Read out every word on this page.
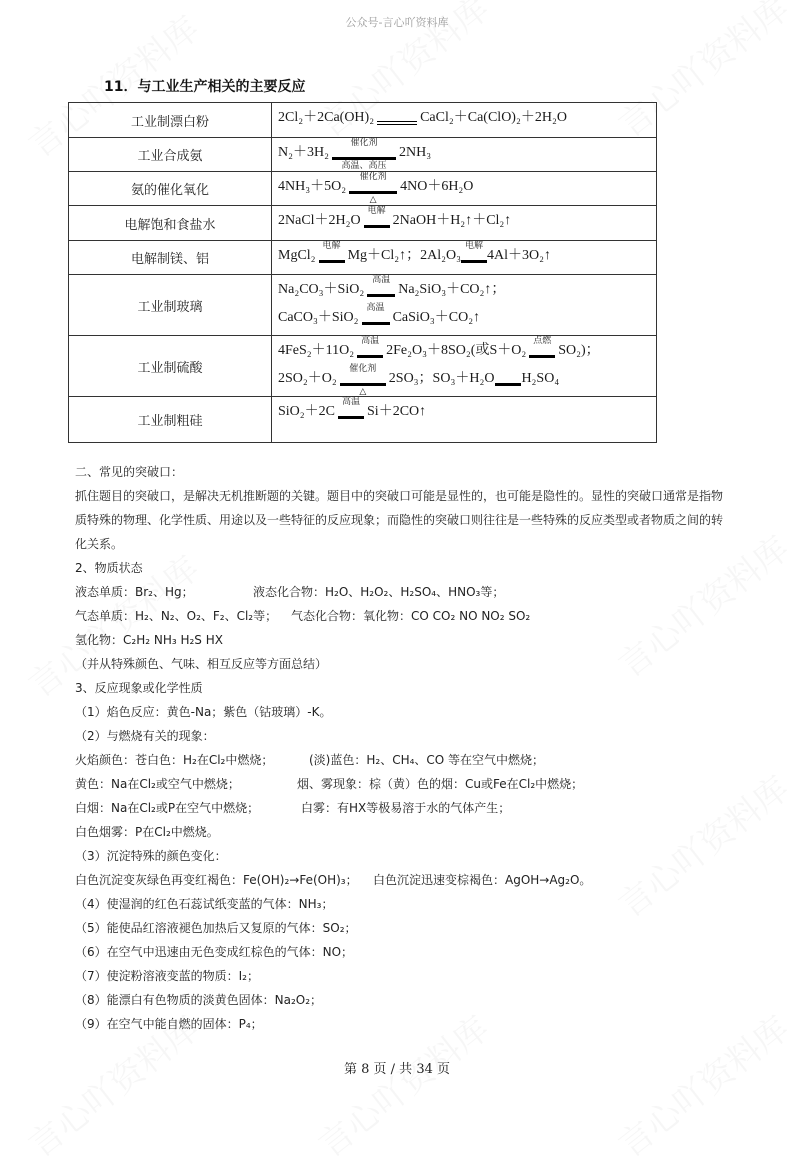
公众号-言心吖资料库
11．与工业生产相关的主要反应
工业制漂白粉	2Cl₂＋2Ca(OH)₂ CaCl₂＋Ca(ClO)₂＋2H₂O

工业合成氨	N₂＋3H₂
催化剂
高温、高压
2NH₃

氨的催化氧化	4NH₃＋5O₂
催化剂
△
4NO＋6H₂O

电解饱和食盐水	2NaCl＋2H₂O
电解
2NaOH＋H₂↑＋Cl₂↑

电解制镁、铝	MgCl₂
电解
Mg＋Cl₂↑；2Al₂O₃
电解
4Al＋3O₂↑

工业制玻璃	
Na₂CO₃＋SiO₂
高温
Na₂SiO₃＋CO₂↑；
CaCO₃＋SiO₂
高温
CaSiO₃＋CO₂↑

工业制硫酸	
4FeS₂＋11O₂
高温
2Fe₂O₃＋8SO₂(或S＋O₂
点燃
SO₂)；
2SO₂＋O₂
催化剂
△
2SO₃；SO₃＋H₂O H₂SO₄

工业制粗硅	SiO₂＋2C
高温
Si＋2CO↑

二、常见的突破口：

抓住题目的突破口，是解决无机推断题的关键。题目中的突破口可能是显性的，也可能是隐性的。显性的突破口通常是指物质特殊的物理、化学性质、用途以及一些特征的反应现象；而隐性的突破口则往往是一些特殊的反应类型或者物质之间的转化关系。

2、物质状态

液态单质：Br₂、Hg；	液态化合物：H₂O、H₂O₂、H₂SO₄、HNO₃等；

气态单质：H₂、N₂、O₂、F₂、Cl₂等； 气态化合物：氧化物：CO CO₂ NO NO₂ SO₂

氢化物：C₂H₂ NH₃ H₂S HX

（并从特殊颜色、气味、相互反应等方面总结）

3、反应现象或化学性质

（1）焰色反应：黄色-Na；紫色（钴玻璃）-K。

（2）与燃烧有关的现象：

火焰颜色：苍白色：H₂在Cl₂中燃烧；	(淡)蓝色：H₂、CH₄、CO 等在空气中燃烧；

黄色：Na在Cl₂或空气中燃烧；	烟、雾现象：棕（黄）色的烟：Cu或Fe在Cl₂中燃烧；

白烟：Na在Cl₂或P在空气中燃烧；	白雾：有HX等极易溶于水的气体产生；

白色烟雾：P在Cl₂中燃烧。

（3）沉淀特殊的颜色变化：

白色沉淀变灰绿色再变红褐色：Fe(OH)₂→Fe(OH)₃； 白色沉淀迅速变棕褐色：AgOH→Ag₂O。

（4）使湿润的红色石蕊试纸变蓝的气体：NH₃；

（5）能使品红溶液褪色加热后又复原的气体：SO₂；

（6）在空气中迅速由无色变成红棕色的气体：NO；

（7）使淀粉溶液变蓝的物质：I₂；

（8）能漂白有色物质的淡黄色固体：Na₂O₂；

（9）在空气中能自燃的固体：P₄；

第 8 页 / 共 34 页
